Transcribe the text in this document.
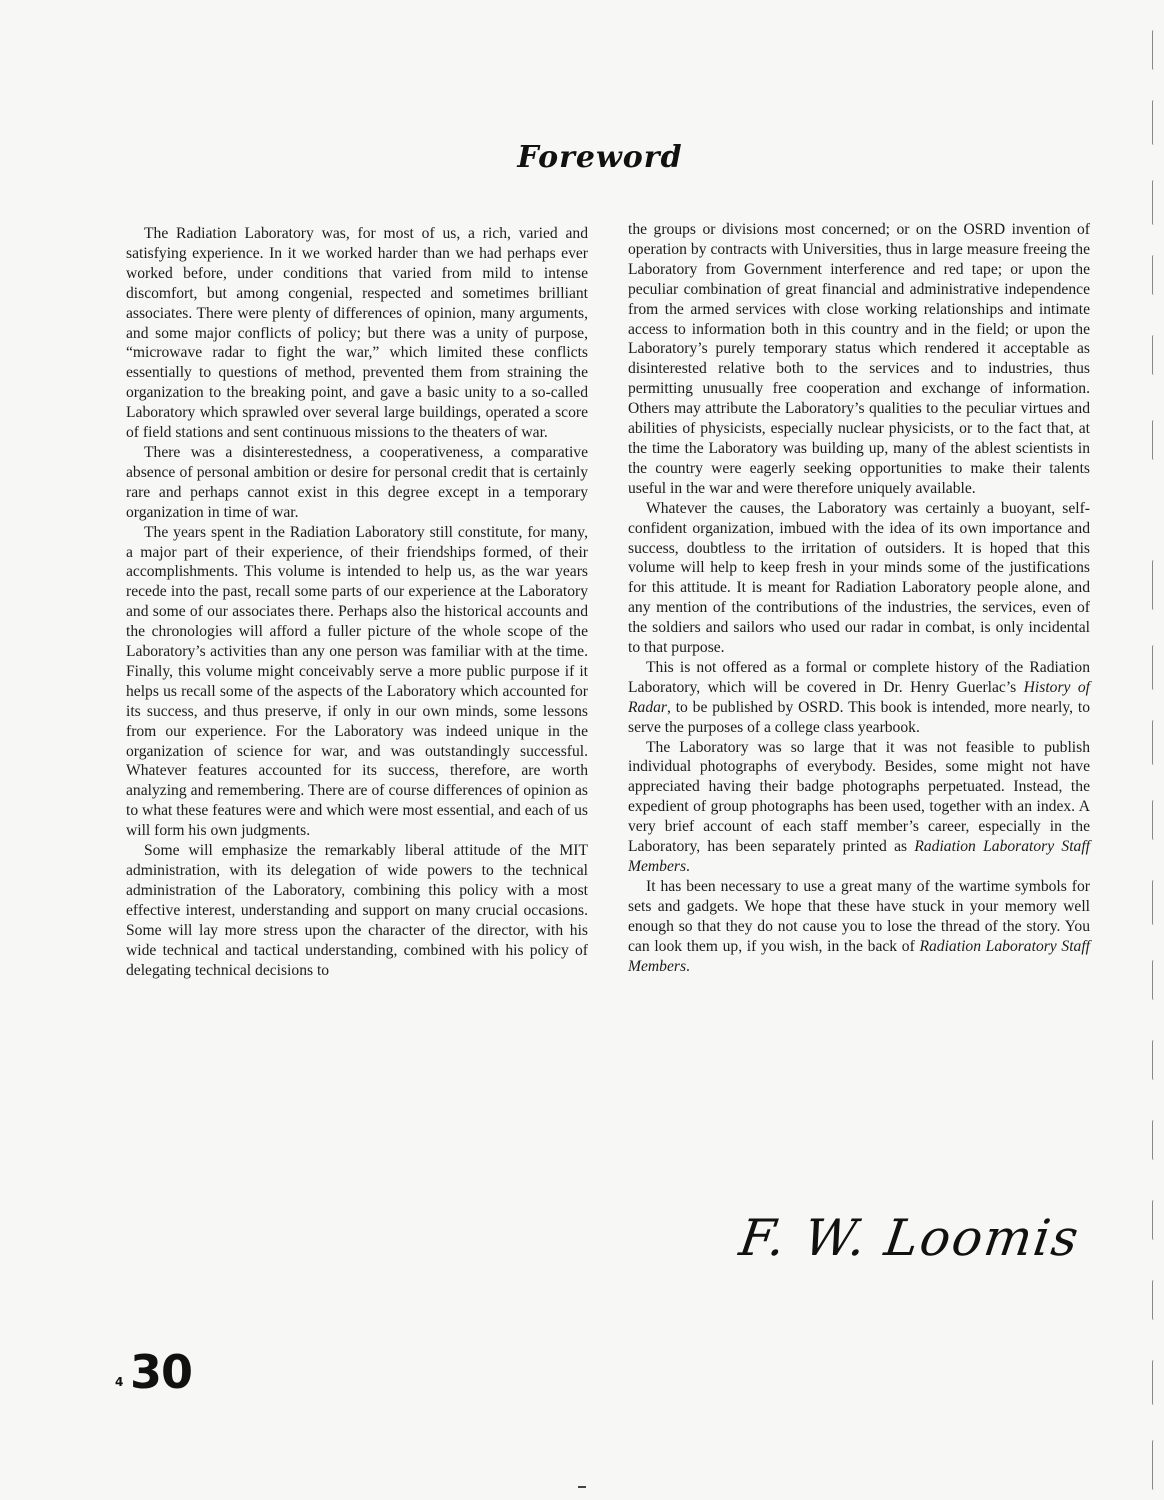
Foreword

The Radiation Laboratory was, for most of us, a rich, varied and satisfying experience. In it we worked harder than we had perhaps ever worked before, under conditions that varied from mild to intense discomfort, but among congenial, respected and sometimes brilliant associates. There were plenty of differences of opinion, many arguments, and some major conflicts of policy; but there was a unity of purpose, “microwave radar to fight the war,” which limited these conflicts essentially to questions of method, prevented them from straining the organization to the breaking point, and gave a basic unity to a so-called Laboratory which sprawled over several large buildings, operated a score of field stations and sent continuous missions to the theaters of war.

There was a disinterestedness, a cooperativeness, a comparative absence of personal ambition or desire for personal credit that is certainly rare and perhaps cannot exist in this degree except in a temporary organization in time of war.

The years spent in the Radiation Laboratory still constitute, for many, a major part of their experience, of their friendships formed, of their accomplishments. This volume is intended to help us, as the war years recede into the past, recall some parts of our experience at the Laboratory and some of our associates there. Perhaps also the historical accounts and the chronologies will afford a fuller picture of the whole scope of the Laboratory’s activities than any one person was familiar with at the time. Finally, this volume might conceivably serve a more public purpose if it helps us recall some of the aspects of the Laboratory which accounted for its success, and thus preserve, if only in our own minds, some lessons from our experience. For the Laboratory was indeed unique in the organization of science for war, and was outstandingly successful. Whatever features accounted for its success, therefore, are worth analyzing and remembering. There are of course differences of opinion as to what these features were and which were most essential, and each of us will form his own judgments.

Some will emphasize the remarkably liberal attitude of the MIT administration, with its delegation of wide powers to the technical administration of the Laboratory, combining this policy with a most effective interest, understanding and support on many crucial occasions. Some will lay more stress upon the character of the director, with his wide technical and tactical understanding, combined with his policy of delegating technical decisions to

the groups or divisions most concerned; or on the OSRD invention of operation by contracts with Universities, thus in large measure freeing the Laboratory from Government interference and red tape; or upon the peculiar combination of great financial and administrative independence from the armed services with close working relationships and intimate access to information both in this country and in the field; or upon the Laboratory’s purely temporary status which rendered it acceptable as disinterested relative both to the services and to industries, thus permitting unusually free cooperation and exchange of information. Others may attribute the Laboratory’s qualities to the peculiar virtues and abilities of physicists, especially nuclear physicists, or to the fact that, at the time the Laboratory was building up, many of the ablest scientists in the country were eagerly seeking opportunities to make their talents useful in the war and were therefore uniquely available.

Whatever the causes, the Laboratory was certainly a buoyant, self-confident organization, imbued with the idea of its own importance and success, doubtless to the irritation of outsiders. It is hoped that this volume will help to keep fresh in your minds some of the justifications for this attitude. It is meant for Radiation Laboratory people alone, and any mention of the contributions of the industries, the services, even of the soldiers and sailors who used our radar in combat, is only incidental to that purpose.

This is not offered as a formal or complete history of the Radiation Laboratory, which will be covered in Dr. Henry Guerlac’s History of Radar, to be published by OSRD. This book is intended, more nearly, to serve the purposes of a college class yearbook.

The Laboratory was so large that it was not feasible to publish individual photographs of everybody. Besides, some might not have appreciated having their badge photographs perpetuated. Instead, the expedient of group photographs has been used, together with an index. A very brief account of each staff member’s career, especially in the Laboratory, has been separately printed as Radiation Laboratory Staff Members.

It has been necessary to use a great many of the wartime symbols for sets and gadgets. We hope that these have stuck in your memory well enough so that they do not cause you to lose the thread of the story. You can look them up, if you wish, in the back of Radiation Laboratory Staff Members.

F. W. Loomis
4 30
